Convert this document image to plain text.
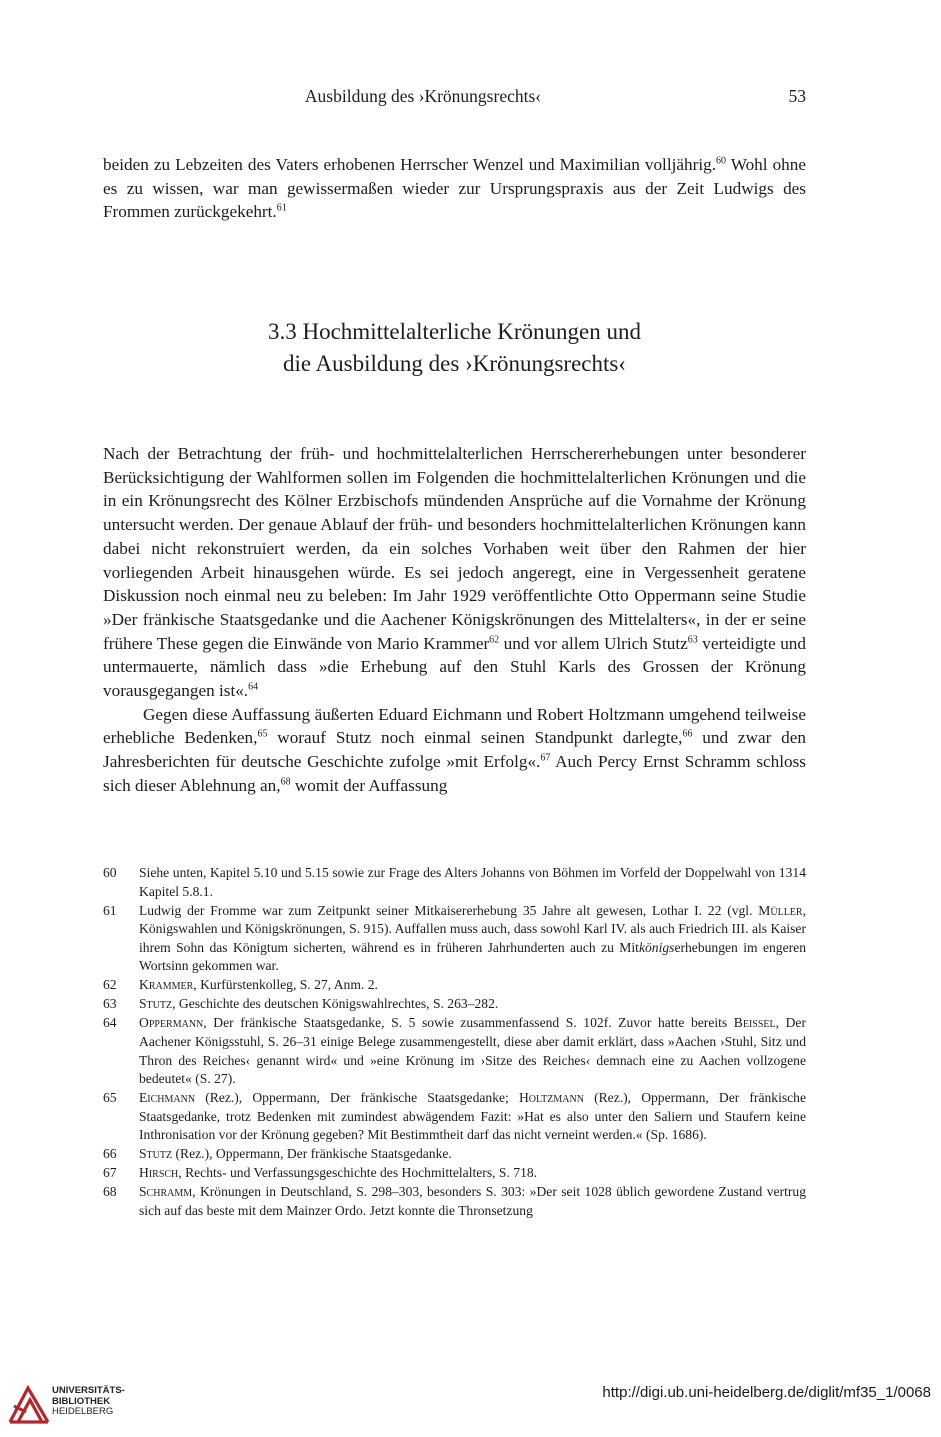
Ausbildung des ›Krönungsrechts‹	53

beiden zu Lebzeiten des Vaters erhobenen Herrscher Wenzel und Maximilian volljährig.$^{60}$ Wohl ohne es zu wissen, war man gewissermaßen wieder zur Ursprungspraxis aus der Zeit Ludwigs des Frommen zurückgekehrt.$^{61}$

3.3 Hochmittelalterliche Krönungen und
die Ausbildung des ›Krönungsrechts‹

Nach der Betrachtung der früh- und hochmittelalterlichen Herrschererhebungen unter besonderer Berücksichtigung der Wahlformen sollen im Folgenden die hochmittelalterlichen Krönungen und die in ein Krönungsrecht des Kölner Erzbischofs mündenden Ansprüche auf die Vornahme der Krönung untersucht werden. Der genaue Ablauf der früh- und besonders hochmittelalterlichen Krönungen kann dabei nicht rekonstruiert werden, da ein solches Vorhaben weit über den Rahmen der hier vorliegenden Arbeit hinausgehen würde. Es sei jedoch angeregt, eine in Vergessenheit geratene Diskussion noch einmal neu zu beleben: Im Jahr 1929 veröffentlichte Otto Oppermann seine Studie »Der fränkische Staatsgedanke und die Aachener Königskrönungen des Mittelalters«, in der er seine frühere These gegen die Einwände von Mario Krammer$^{62}$ und vor allem Ulrich Stutz$^{63}$ verteidigte und untermauerte, nämlich dass »die Erhebung auf den Stuhl Karls des Grossen der Krönung vorausgegangen ist«.$^{64}$

Gegen diese Auffassung äußerten Eduard Eichmann und Robert Holtzmann umgehend teilweise erhebliche Bedenken,$^{65}$ worauf Stutz noch einmal seinen Standpunkt darlegte,$^{66}$ und zwar den Jahresberichten für deutsche Geschichte zufolge »mit Erfolg«.$^{67}$ Auch Percy Ernst Schramm schloss sich dieser Ablehnung an,$^{68}$ womit der Auffassung

60	Siehe unten, Kapitel 5.10 und 5.15 sowie zur Frage des Alters Johanns von Böhmen im Vorfeld der Doppelwahl von 1314 Kapitel 5.8.1.
61	Ludwig der Fromme war zum Zeitpunkt seiner Mitkaisererhebung 35 Jahre alt gewesen, Lothar I. 22 (vgl. Müller, Königswahlen und Königskrönungen, S. 915). Auffallen muss auch, dass sowohl Karl IV. als auch Friedrich III. als Kaiser ihrem Sohn das Königtum sicherten, während es in früheren Jahrhunderten auch zu Mitkönigserhebungen im engeren Wortsinn gekommen war.
62	Krammer, Kurfürstenkolleg, S. 27, Anm. 2.
63	Stutz, Geschichte des deutschen Königswahlrechtes, S. 263–282.
64	Oppermann, Der fränkische Staatsgedanke, S. 5 sowie zusammenfassend S. 102f. Zuvor hatte bereits Beissel, Der Aachener Königsstuhl, S. 26–31 einige Belege zusammengestellt, diese aber damit erklärt, dass »Aachen ›Stuhl, Sitz und Thron des Reiches‹ genannt wird« und »eine Krönung im ›Sitze des Reiches‹ demnach eine zu Aachen vollzogene bedeutet« (S. 27).
65	Eichmann (Rez.), Oppermann, Der fränkische Staatsgedanke; Holtzmann (Rez.), Oppermann, Der fränkische Staatsgedanke, trotz Bedenken mit zumindest abwägendem Fazit: »Hat es also unter den Saliern und Staufern keine Inthronisation vor der Krönung gegeben? Mit Bestimmtheit darf das nicht verneint werden.« (Sp. 1686).
66	Stutz (Rez.), Oppermann, Der fränkische Staatsgedanke.
67	Hirsch, Rechts- und Verfassungsgeschichte des Hochmittelalters, S. 718.
68	Schramm, Krönungen in Deutschland, S. 298–303, besonders S. 303: »Der seit 1028 üblich gewordene Zustand vertrug sich auf das beste mit dem Mainzer Ordo. Jetzt konnte die Thronsetzung
UNIVERSITÄTS-
BIBLIOTHEK
HEIDELBERG
http://digi.ub.uni-heidelberg.de/diglit/mf35_1/0068
